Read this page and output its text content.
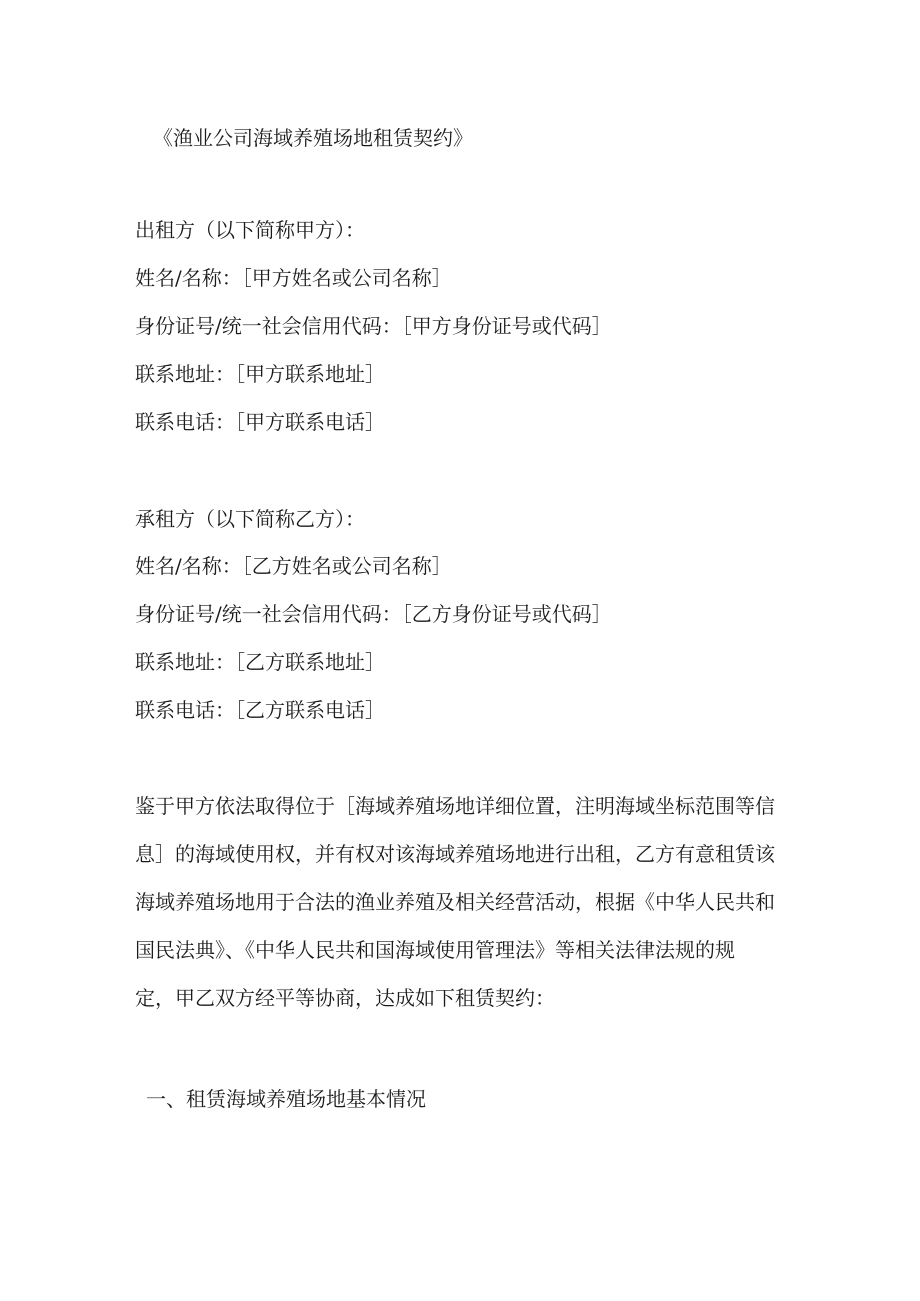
《渔业公司海域养殖场地租赁契约》
出租方（以下简称甲方）：
姓名/名称：［甲方姓名或公司名称］
身份证号/统一社会信用代码：［甲方身份证号或代码］
联系地址：［甲方联系地址］
联系电话：［甲方联系电话］
承租方（以下简称乙方）：
姓名/名称：［乙方姓名或公司名称］
身份证号/统一社会信用代码：［乙方身份证号或代码］
联系地址：［乙方联系地址］
联系电话：［乙方联系电话］
鉴于甲方依法取得位于［海域养殖场地详细位置，注明海域坐标范围等信
息］的海域使用权，并有权对该海域养殖场地进行出租，乙方有意租赁该
海域养殖场地用于合法的渔业养殖及相关经营活动，根据《中华人民共和
国民法典》、《中华人民共和国海域使用管理法》等相关法律法规的规
定，甲乙双方经平等协商，达成如下租赁契约：
一、租赁海域养殖场地基本情况
